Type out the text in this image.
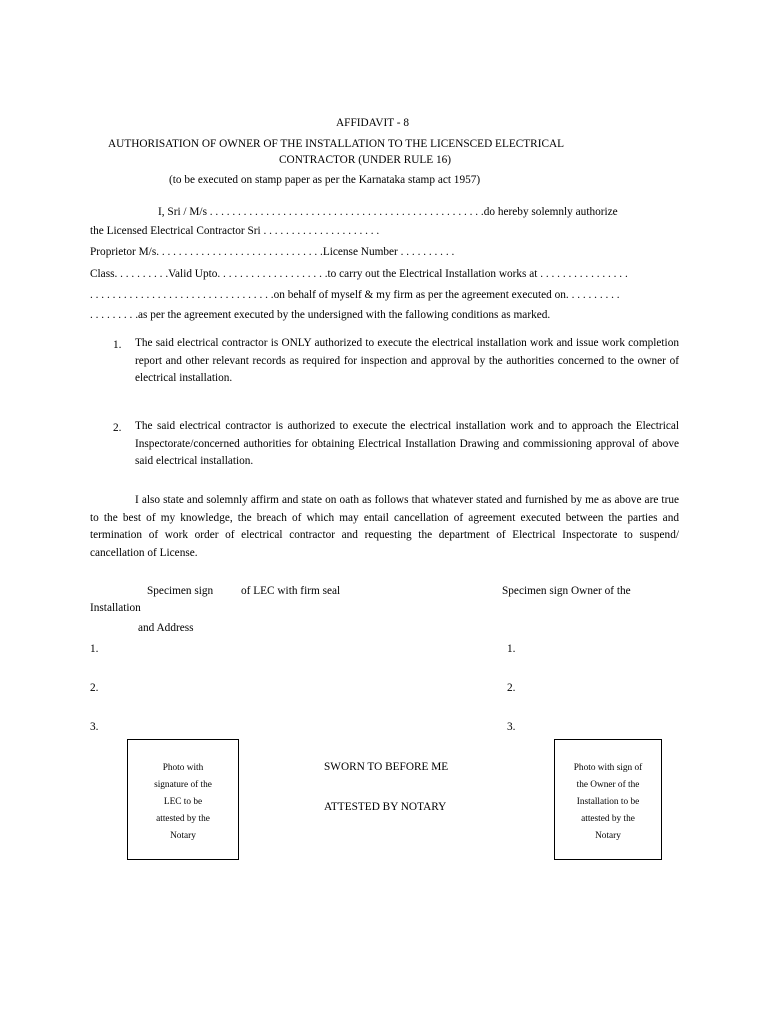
AFFIDAVIT - 8
AUTHORISATION OF OWNER OF THE INSTALLATION TO THE LICENSCED ELECTRICAL
CONTRACTOR (UNDER RULE 16)
(to be executed on stamp paper as per the Karnataka stamp act 1957)
I, Sri / M/s . . . . . . . . . . . . . . . . . . . . . . . . . . . . . . . . . . . . . . . . . . . . . . . . .do hereby solemnly authorize
the Licensed Electrical Contractor Sri . . . . . . . . . . . . . . . . . . . . .
Proprietor M/s. . . . . . . . . . . . . . . . . . . . . . . . . . . . . .License Number . . . . . . . . . .
Class. . . . . . . . . .Valid Upto. . . . . . . . . . . . . . . . . . . .to carry out the Electrical Installation works at . . . . . . . . . . . . . . . .
. . . . . . . . . . . . . . . . . . . . . . . . . . . . . . . . .on behalf of myself & my firm as per the agreement executed on. . . . . . . . . .
. . . . . . . . .as per the agreement executed by the undersigned with the fallowing conditions as marked.
1. The said electrical contractor is ONLY authorized to execute the electrical installation work and issue work completion report and other relevant records as required for inspection and approval by the authorities concerned to the owner of electrical installation.
2. The said electrical contractor is authorized to execute the electrical installation work and to approach the Electrical Inspectorate/concerned authorities for obtaining Electrical Installation Drawing and commissioning approval of above said electrical installation.
I also state and solemnly affirm and state on oath as follows that whatever stated and furnished by me as above are true to the best of my knowledge, the breach of which may entail cancellation of agreement executed between the parties and termination of work order of electrical contractor and requesting the department of Electrical Inspectorate to suspend/ cancellation of License.
Specimen sign of LEC with firm seal
Installation
and Address
Specimen sign Owner of the
1.
2.
3.
1.
2.
3.

Photo with

signature of the

LEC to be

attested by the

Notary

Photo with sign of

the Owner of the

Installation to be

attested by the

Notary

SWORN TO BEFORE ME
ATTESTED BY NOTARY
